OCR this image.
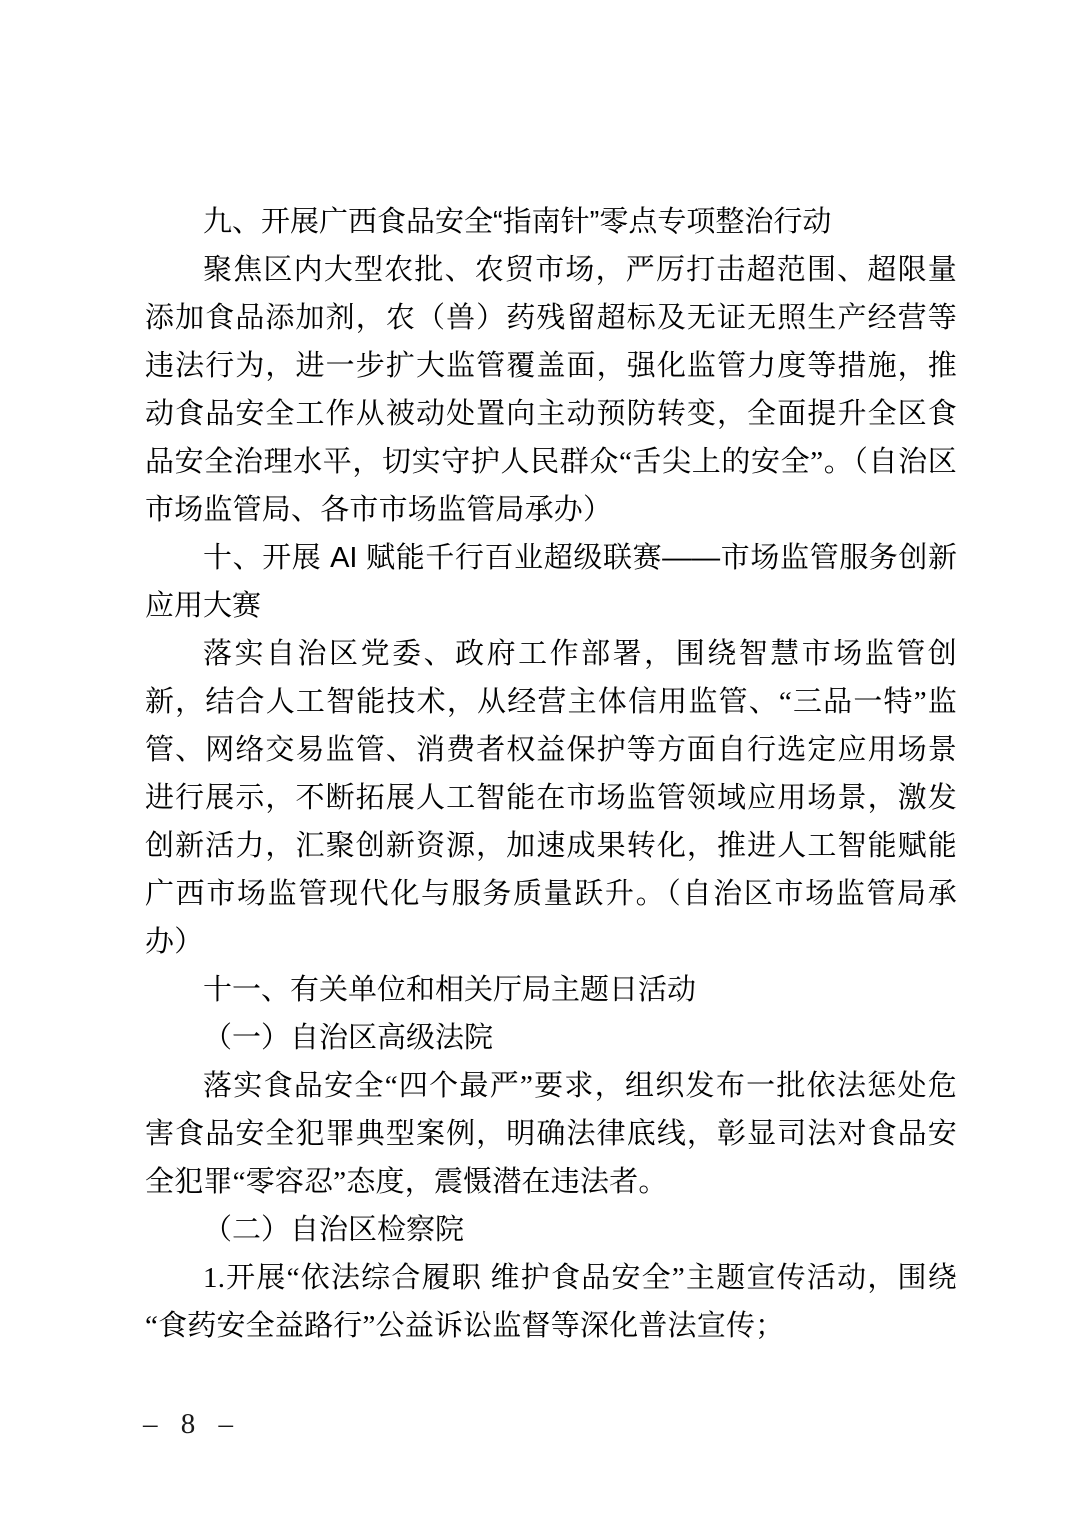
九、开展广西食品安全“指南针”零点专项整治行动

聚焦区内大型农批、农贸市场，严厉打击超范围、超限量添加食品添加剂，农（兽）药残留超标及无证无照生产经营等违法行为，进一步扩大监管覆盖面，强化监管力度等措施，推动食品安全工作从被动处置向主动预防转变，全面提升全区食品安全治理水平，切实守护人民群众“舌尖上的安全”。（自治区市场监管局、各市市场监管局承办）

十、开展 AI 赋能千行百业超级联赛——市场监管服务创新应用大赛

落实自治区党委、政府工作部署，围绕智慧市场监管创新，结合人工智能技术，从经营主体信用监管、“三品一特”监管、网络交易监管、消费者权益保护等方面自行选定应用场景进行展示，不断拓展人工智能在市场监管领域应用场景，激发创新活力，汇聚创新资源，加速成果转化，推进人工智能赋能广西市场监管现代化与服务质量跃升。（自治区市场监管局承办）

十一、有关单位和相关厅局主题日活动
（一）自治区高级法院

落实食品安全“四个最严”要求，组织发布一批依法惩处危害食品安全犯罪典型案例，明确法律底线，彰显司法对食品安全犯罪“零容忍”态度，震慑潜在违法者。

（二）自治区检察院

1.开展“依法综合履职 维护食品安全”主题宣传活动，围绕“食药安全益路行”公益诉讼监督等深化普法宣传；

– 8 –
